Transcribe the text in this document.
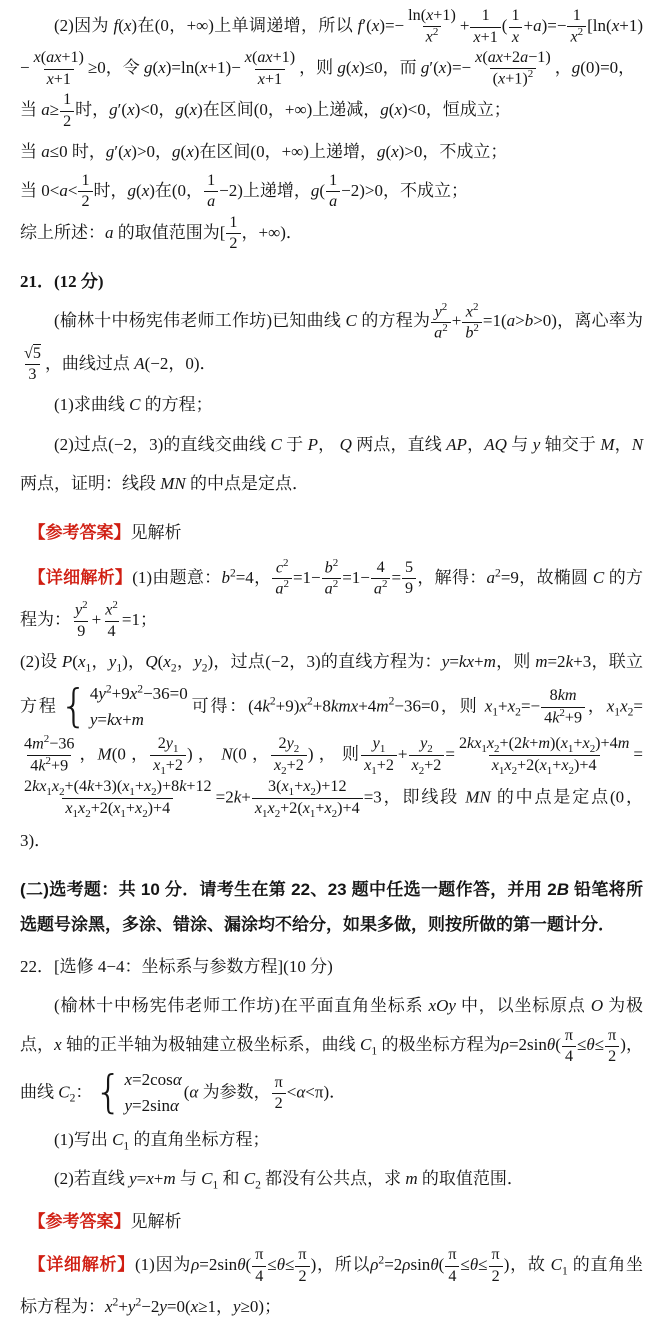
(2)因为 f(x)在(0，+∞)上单调递增，所以 $f'(x)=- \frac{\ln(x+1)}{x^2} + \frac{1}{x+1}$ ( $\frac{1}{x} +a)=- \frac{1}{x^2} [\ln(x+1)- \frac{x(ax+1)}{x+1} \ge 0$，令 $g(x)=\ln(x+1)- \frac{x(ax+1)}{x+1}$ ，则 g(x)≤0，而 $g'(x)=- \frac{x(ax+2a-1)}{(x+1)^2}$ ，g(0)=0，

当 $a\ge \frac{1}{2}$ 时，g′(x)<0，g(x)在区间(0，+∞)上递减，g(x)<0，恒成立；

当 a≤0 时，g′(x)>0，g(x)在区间(0，+∞)上递增，g(x)>0，不成立；

当 $0<a< \frac{1}{2}$ 时，g(x)在(0， $\frac{1}{a} -2$)上递增，$g( \frac{1}{a} -2)>0$，不成立；

综上所述：a 的取值范围为[ $\frac{1}{2}$ ，+∞)．

21．(12 分)

(榆林十中杨宪伟老师工作坊)已知曲线 C 的方程为 $\frac{y^2}{a^2} + \frac{x^2}{b^2} =1(a>b>0)$，离心率为
$\frac{√5}{3}$ ，曲线过点 A(−2，0)．

(1)求曲线 C 的方程；

(2)过点(−2，3)的直线交曲线 C 于 P， Q 两点，直线 AP，AQ 与 y 轴交于 M，N 两点，证明：线段 MN 的中点是定点．

【参考答案】见解析

【详细解析】(1)由题意：$b^2=4$， $\frac{c^2}{a^2} =1- \frac{b^2}{a^2} =1- \frac{4}{a^2} = \frac{5}{9}$ ，解得：$a^2=9$，故椭圆 C 的方程为： $\frac{y^2}{9} + \frac{x^2}{4} =1$；

(2)设 $P(x_1$，$y_1$)，$Q(x_2$，$y_2$)，过点(−2，3)的直线方程为：y=kx+m，则 m=2k+3，联立方程 { $4y^2+9x^2-36=0$
y=kx+m
可得：$(4k^2+9)x^2+8kmx+4m^2-36=0$，则 $x_1+x_2=- \frac{8km}{4k^2+9}$ ，$x_1x_2=$
$\frac{4m^2-36}{4k^2+9}$ ，M(0 ， $\frac{2y_1}{x_1+2}$ ) ， N(0 ， $\frac{2y_2}{x_2+2}$ ) ， 则 $\frac{y_1}{x_1+2} + \frac{y_2}{x_2+2} = \frac{2kx_1x_2+(2k+m)(x_1+x_2)+4m}{x_1x_2+2(x_1+x_2)+4}$ =
$\frac{2kx_1x_2+(4k+3)(x_1+x_2)+8k+12}{x_1x_2+2(x_1+x_2)+4} =2k+ \frac{3(x_1+x_2)+12}{x_1x_2+2(x_1+x_2)+4} =3$，即线段 MN 的中点是定点(0，3)．

(二)选考题：共 10 分．请考生在第 22、23 题中任选一题作答，并用 2B 铅笔将所选题号涂黑，多涂、错涂、漏涂均不给分，如果多做，则按所做的第一题计分．

22．[选修 4−4：坐标系与参数方程](10 分)

(榆林十中杨宪伟老师工作坊)在平面直角坐标系 xOy 中，以坐标原点 O 为极点，x 轴的正半轴为极轴建立极坐标系，曲线 $C_1$ 的极坐标方程为$\rho=2\sin\theta( \frac{\pi}{4} \le\theta\le \frac{\pi}{2}$ )，曲线 $C_2$： { x=2cosα
y=2sinα
(α 为参数， $\frac{\pi}{2} <\alpha<\pi$)．

(1)写出 $C_1$ 的直角坐标方程；

(2)若直线 y=x+m 与 $C_1$ 和 $C_2$ 都没有公共点，求 m 的取值范围．

【参考答案】见解析

【详细解析】(1)因为$\rho=2\sin\theta( \frac{\pi}{4} \le\theta\le \frac{\pi}{2}$ )，所以$\rho^2=2\rho\sin\theta( \frac{\pi}{4} \le\theta\le \frac{\pi}{2}$ )，故 $C_1$ 的直角坐标方程为：$x^2+y^2-2y=0(x\ge 1$，y≥0)；
